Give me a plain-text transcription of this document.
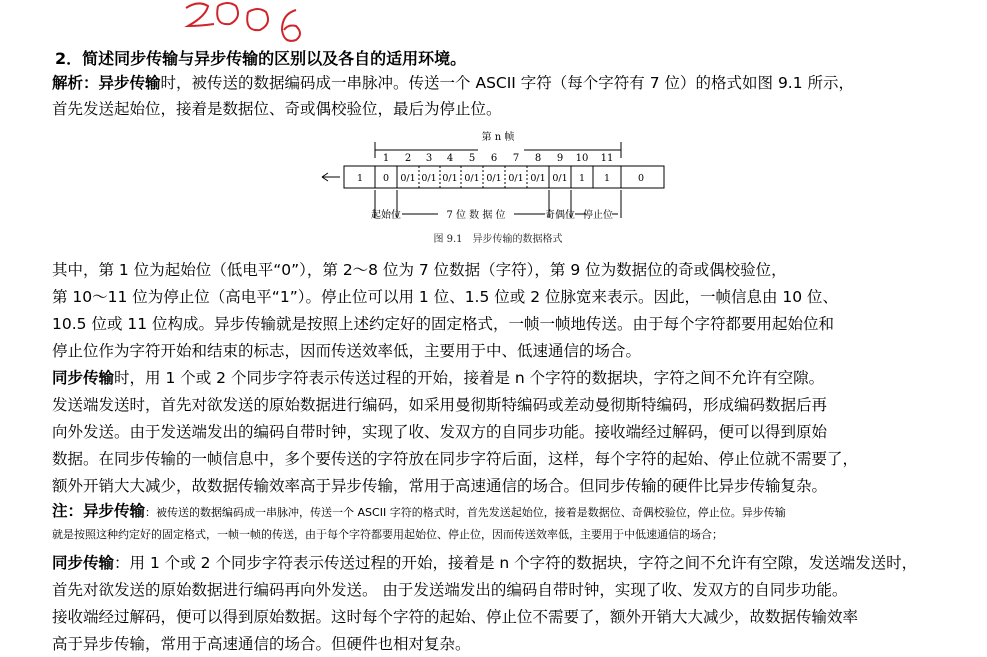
2．简述同步传输与异步传输的区别以及各自的适用环境。
解析：异步传输时，被传送的数据编码成一串脉冲。传送一个 ASCII 字符（每个字符有 7 位）的格式如图 9.1 所示，
首先发送起始位，接着是数据位、奇或偶校验位，最后为停止位。
第 n 帧
1 2 3 4 5 6 7 8 9 10 11
1 0 0/1 0/1 0/1 0/1 0/1 0/1 0/1 0/1 1 1	0
起始位	7 位 数 据 位	奇偶位 停止位
图 9.1　异步传输的数据格式
其中，第 1 位为起始位（低电平“0”），第 2～8 位为 7 位数据（字符），第 9 位为数据位的奇或偶校验位，
第 10～11 位为停止位（高电平“1”）。停止位可以用 1 位、1.5 位或 2 位脉宽来表示。因此，一帧信息由 10 位、
10.5 位或 11 位构成。异步传输就是按照上述约定好的固定格式，一帧一帧地传送。由于每个字符都要用起始位和
停止位作为字符开始和结束的标志，因而传送效率低，主要用于中、低速通信的场合。
同步传输时，用 1 个或 2 个同步字符表示传送过程的开始，接着是 n 个字符的数据块，字符之间不允许有空隙。
发送端发送时，首先对欲发送的原始数据进行编码，如采用曼彻斯特编码或差动曼彻斯特编码，形成编码数据后再
向外发送。由于发送端发出的编码自带时钟，实现了收、发双方的自同步功能。接收端经过解码，便可以得到原始
数据。在同步传输的一帧信息中，多个要传送的字符放在同步字符后面，这样，每个字符的起始、停止位就不需要了，
额外开销大大减少，故数据传输效率高于异步传输，常用于高速通信的场合。但同步传输的硬件比异步传输复杂。
注：异步传输：被传送的数据编码成一串脉冲，传送一个 ASCII 字符的格式时，首先发送起始位，接着是数据位、奇偶校验位，停止位。异步传输
就是按照这种约定好的固定格式，一帧一帧的传送，由于每个字符都要用起始位、停止位，因而传送效率低，主要用于中低速通信的场合；
同步传输：用 1 个或 2 个同步字符表示传送过程的开始，接着是 n 个字符的数据块，字符之间不允许有空隙，发送端发送时，
首先对欲发送的原始数据进行编码再向外发送。 由于发送端发出的编码自带时钟，实现了收、发双方的自同步功能。
接收端经过解码，便可以得到原始数据。这时每个字符的起始、停止位不需要了，额外开销大大减少，故数据传输效率
高于异步传输，常用于高速通信的场合。但硬件也相对复杂。
